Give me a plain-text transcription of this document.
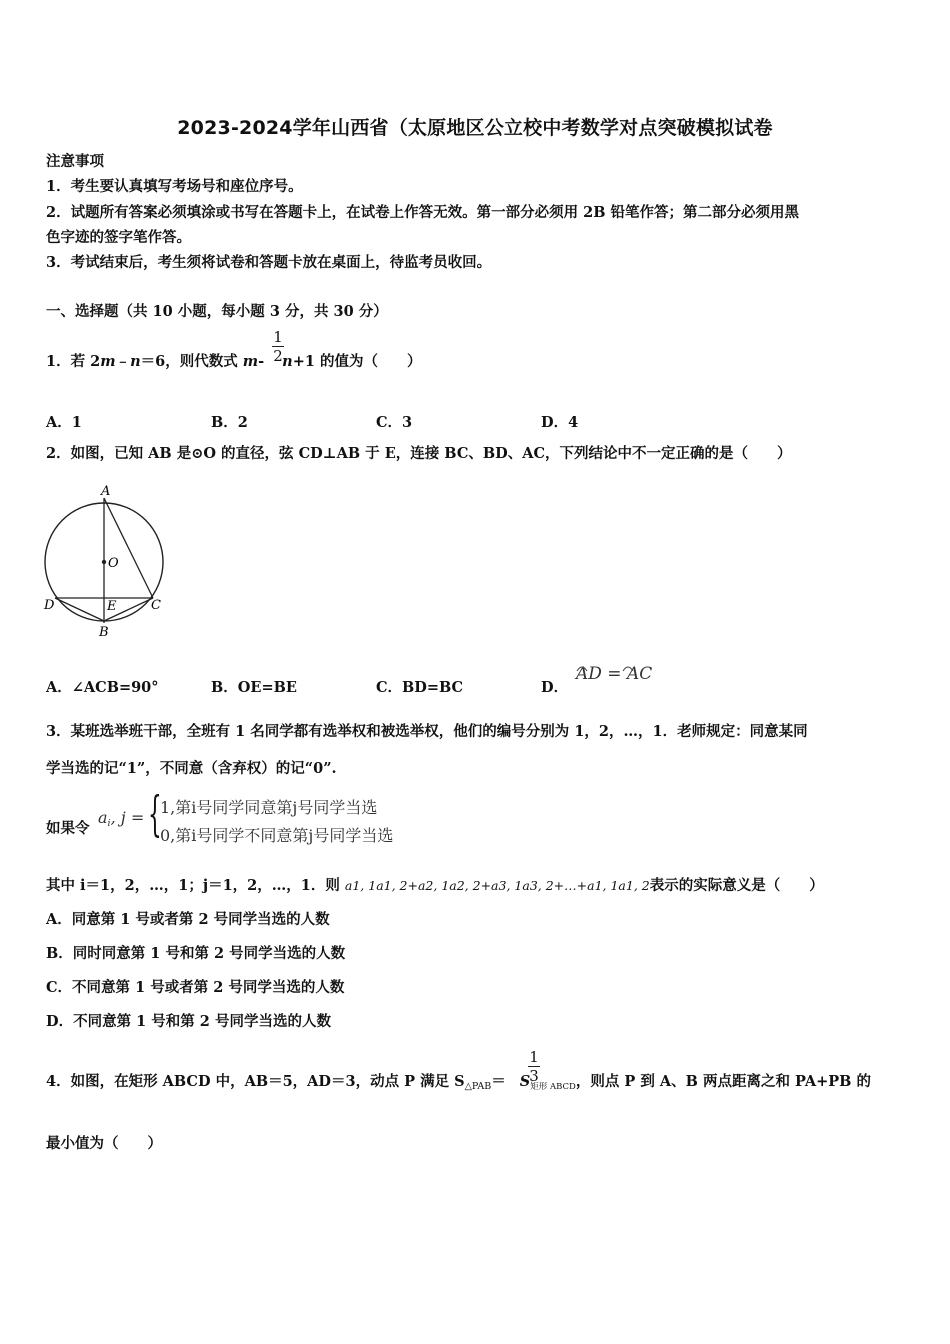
2023-2024学年山西省（太原地区公立校中考数学对点突破模拟试卷
注意事项
1．考生要认真填写考场号和座位序号。
2．试题所有答案必须填涂或书写在答题卡上，在试卷上作答无效。第一部分必须用 2B 铅笔作答；第二部分必须用黑
色字迹的签字笔作答。
3．考试结束后，考生须将试卷和答题卡放在桌面上，待监考员收回。
一、选择题（共 10 小题，每小题 3 分，共 30 分）
1．若 2m﹣n＝6，则代数式 m- n+1 的值为（　　）
1
2
A．1	B．2	C．3	D．4
2．如图，已知 AB 是⊙O 的直径，弦 CD⊥AB 于 E，连接 BC、BD、AC，下列结论中不一定正确的是（　　）
A
O
D	E	C
B
A．∠ACB=90°	B．OE=BE	C．BD=BC	D．
AD = AC
3．某班选举班干部，全班有 1 名同学都有选举权和被选举权，他们的编号分别为 1，2，…，1．老师规定：同意某同
学当选的记“1”，不同意（含弃权）的记“0”.
如果令
$a_i$, j = {
1,第i号同学同意第j号同学当选
0,第i号同学不同意第j号同学当选
其中 i＝1，2，…，1；j＝1，2，…，1．则 a1, 1a1, 2+a2, 1a2, 2+a3, 1a3, 2+…+a1, 1a1, 2表示的实际意义是（　　）
A．同意第 1 号或者第 2 号同学当选的人数
B．同时同意第 1 号和第 2 号同学当选的人数
C．不同意第 1 号或者第 2 号同学当选的人数
D．不同意第 1 号和第 2 号同学当选的人数
4．如图，在矩形 ABCD 中，AB＝5，AD＝3，动点 P 满足 $S_{\triangle PAB}= S_{矩形 ABCD}$，则点 P 到 A、B 两点距离之和 PA+PB 的
1
3
最小值为（　　）
